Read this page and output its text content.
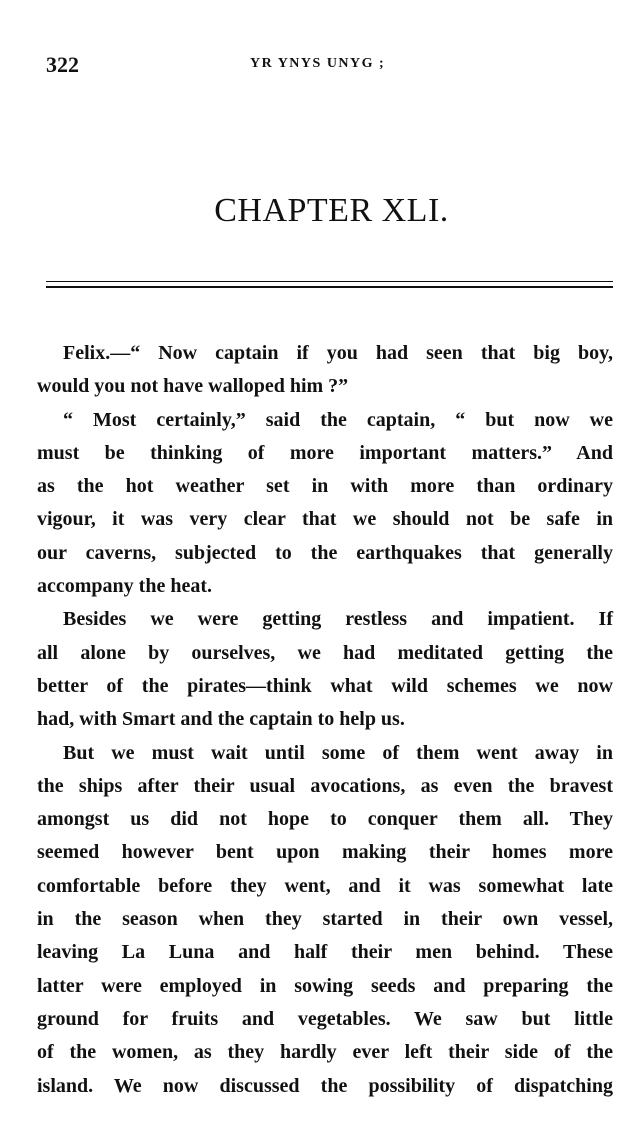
322	YR YNYS UNYG ;
CHAPTER XLI.
Felix.—“ Now captain if you had seen that big boy,
would you not have walloped him ?”
“ Most certainly,” said the captain, “ but now we
must be thinking of more important matters.” And
as the hot weather set in with more than ordinary
vigour, it was very clear that we should not be safe in
our caverns, subjected to the earthquakes that generally
accompany the heat.
Besides we were getting restless and impatient. If
all alone by ourselves, we had meditated getting the
better of the pirates—think what wild schemes we now
had, with Smart and the captain to help us.
But we must wait until some of them went away in
the ships after their usual avocations, as even the bravest
amongst us did not hope to conquer them all. They
seemed however bent upon making their homes more
comfortable before they went, and it was somewhat late
in the season when they started in their own vessel,
leaving La Luna and half their men behind. These
latter were employed in sowing seeds and preparing the
ground for fruits and vegetables. We saw but little
of the women, as they hardly ever left their side of the
island. We now discussed the possibility of dispatching
